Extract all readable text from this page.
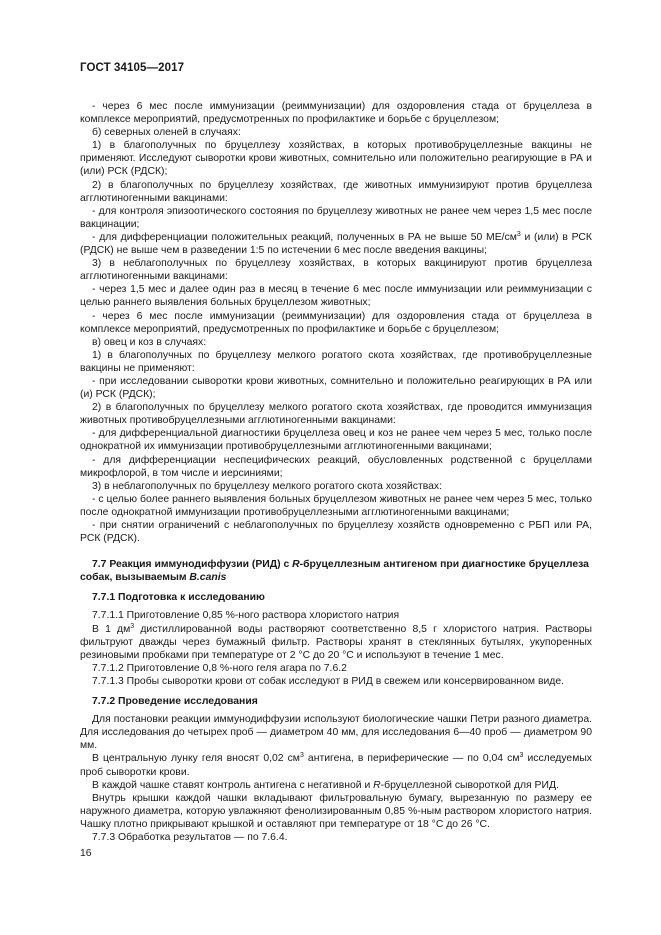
ГОСТ 34105—2017

- через 6 мес после иммунизации (реиммунизации) для оздоровления стада от бруцеллеза в комплексе мероприятий, предусмотренных по профилактике и борьбе с бруцеллезом;

б) северных оленей в случаях:

1) в благополучных по бруцеллезу хозяйствах, в которых противобруцеллезные вакцины не применяют. Исследуют сыворотки крови животных, сомнительно или положительно реагирующие в РА и (или) РСК (РДСК);

2) в благополучных по бруцеллезу хозяйствах, где животных иммунизируют против бруцеллеза агглютиногенными вакцинами:

- для контроля эпизоотического состояния по бруцеллезу животных не ранее чем через 1,5 мес после вакцинации;

- для дифференциации положительных реакций, полученных в РА не выше 50 $МЕ/см^3$ и (или) в РСК (РДСК) не выше чем в разведении 1:5 по истечении 6 мес после введения вакцины;

3) в неблагополучных по бруцеллезу хозяйствах, в которых вакцинируют против бруцеллеза агглютиногенными вакцинами:

- через 1,5 мес и далее один раз в месяц в течение 6 мес после иммунизации или реиммунизации с целью раннего выявления больных бруцеллезом животных;

- через 6 мес после иммунизации (реиммунизации) для оздоровления стада от бруцеллеза в комплексе мероприятий, предусмотренных по профилактике и борьбе с бруцеллезом;

в) овец и коз в случаях:

1) в благополучных по бруцеллезу мелкого рогатого скота хозяйствах, где противобруцеллезные вакцины не применяют:

- при исследовании сыворотки крови животных, сомнительно и положительно реагирующих в РА или (и) РСК (РДСК);

2) в благополучных по бруцеллезу мелкого рогатого скота хозяйствах, где проводится иммунизация животных противобруцеллезными агглютиногенными вакцинами:

- для дифференциальной диагностики бруцеллеза овец и коз не ранее чем через 5 мес, только после однократной их иммунизации противобруцеллезными агглютиногенными вакцинами;

- для дифференциации неспецифических реакций, обусловленных родственной с бруцеллами микрофлорой, в том числе и иерсиниями;

3) в неблагополучных по бруцеллезу мелкого рогатого скота хозяйствах:

- с целью более раннего выявления больных бруцеллезом животных не ранее чем через 5 мес, только после однократной иммунизации противобруцеллезными агглютиногенными вакцинами;

- при снятии ограничений с неблагополучных по бруцеллезу хозяйств одновременно с РБП или РА, РСК (РДСК).

7.7 Реакция иммунодиффузии (РИД) с R-бруцеллезным антигеном при диагностике бруцеллеза собак, вызываемым B.canis
7.7.1 Подготовка к исследованию

7.7.1.1 Приготовление 0,85 %-ного раствора хлористого натрия

В 1 $дм^3$ дистиллированной воды растворяют соответственно 8,5 г хлористого натрия. Растворы фильтруют дважды через бумажный фильтр. Растворы хранят в стеклянных бутылях, укупоренных резиновыми пробками при температуре от 2 °C до 20 °C и используют в течение 1 мес.

7.7.1.2 Приготовление 0,8 %-ного геля агара по 7.6.2

7.7.1.3 Пробы сыворотки крови от собак исследуют в РИД в свежем или консервированном виде.

7.7.2 Проведение исследования

Для постановки реакции иммунодиффузии используют биологические чашки Петри разного диаметра. Для исследования до четырех проб — диаметром 40 мм, для исследования 6—40 проб — диаметром 90 мм.

В центральную лунку геля вносят 0,02 $см^3$ антигена, в периферические — по 0,04 $см^3$ исследуемых проб сыворотки крови.

В каждой чашке ставят контроль антигена с негативной и R-бруцеллезной сывороткой для РИД.

Внутрь крышки каждой чашки вкладывают фильтровальную бумагу, вырезанную по размеру ее наружного диаметра, которую увлажняют фенолизированным 0,85 %-ным раствором хлористого натрия. Чашку плотно прикрывают крышкой и оставляют при температуре от 18 °C до 26 °C.

7.7.3 Обработка результатов — по 7.6.4.

16
